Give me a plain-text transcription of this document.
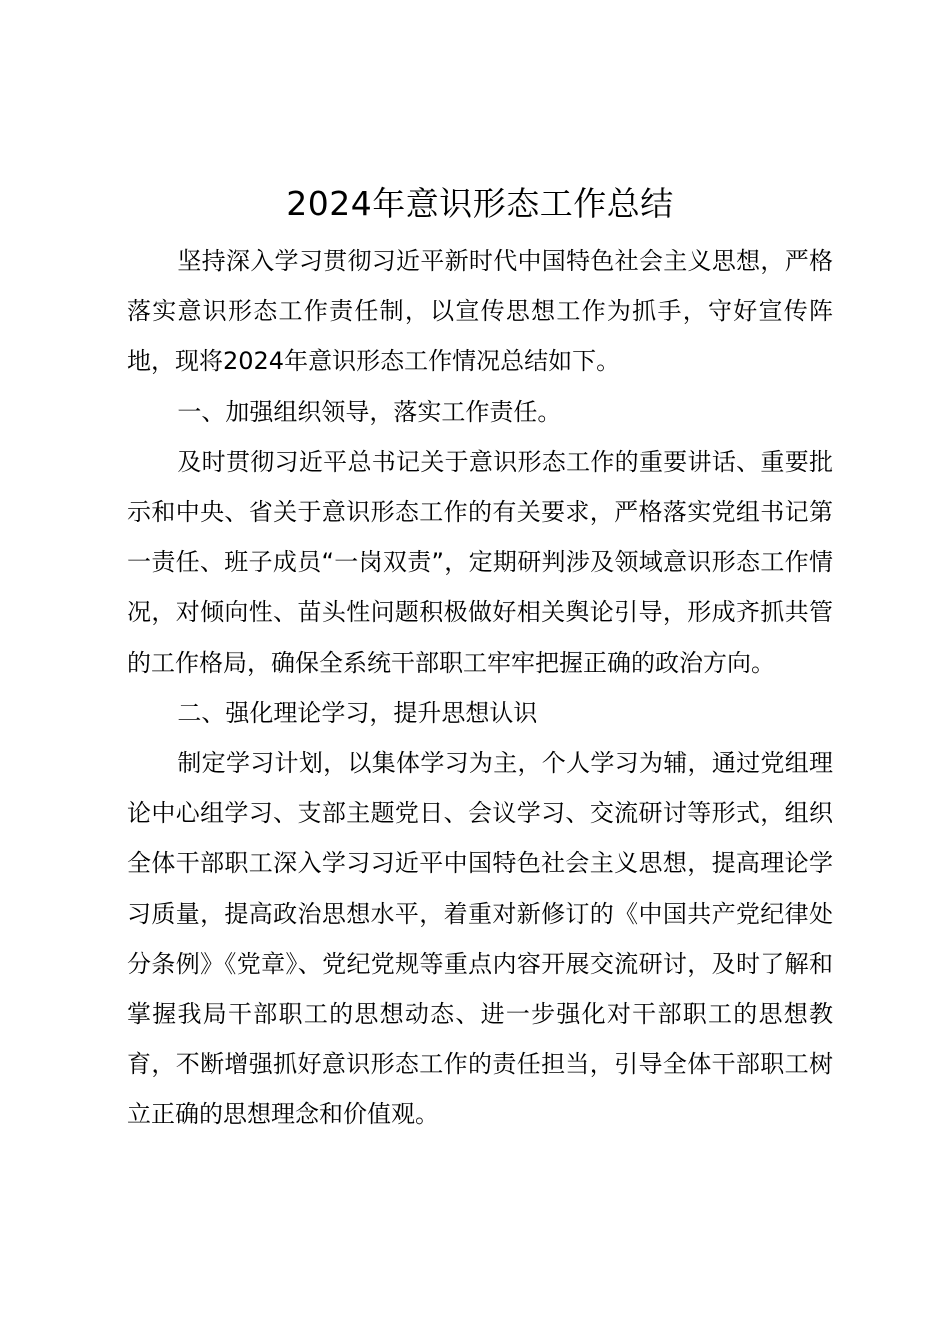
2024年意识形态工作总结

坚持深入学习贯彻习近平新时代中国特色社会主义思想，严格落实意识形态工作责任制，以宣传思想工作为抓手，守好宣传阵地，现将2024年意识形态工作情况总结如下。

一、加强组织领导，落实工作责任。

及时贯彻习近平总书记关于意识形态工作的重要讲话、重要批示和中央、省关于意识形态工作的有关要求，严格落实党组书记第一责任、班子成员“一岗双责”，定期研判涉及领域意识形态工作情况，对倾向性、苗头性问题积极做好相关舆论引导，形成齐抓共管的工作格局，确保全系统干部职工牢牢把握正确的政治方向。

二、强化理论学习，提升思想认识

制定学习计划，以集体学习为主，个人学习为辅，通过党组理论中心组学习、支部主题党日、会议学习、交流研讨等形式，组织全体干部职工深入学习习近平中国特色社会主义思想，提高理论学习质量，提高政治思想水平，着重对新修订的《中国共产党纪律处分条例》《党章》、党纪党规等重点内容开展交流研讨，及时了解和掌握我局干部职工的思想动态、进一步强化对干部职工的思想教育，不断增强抓好意识形态工作的责任担当，引导全体干部职工树立正确的思想理念和价值观。
